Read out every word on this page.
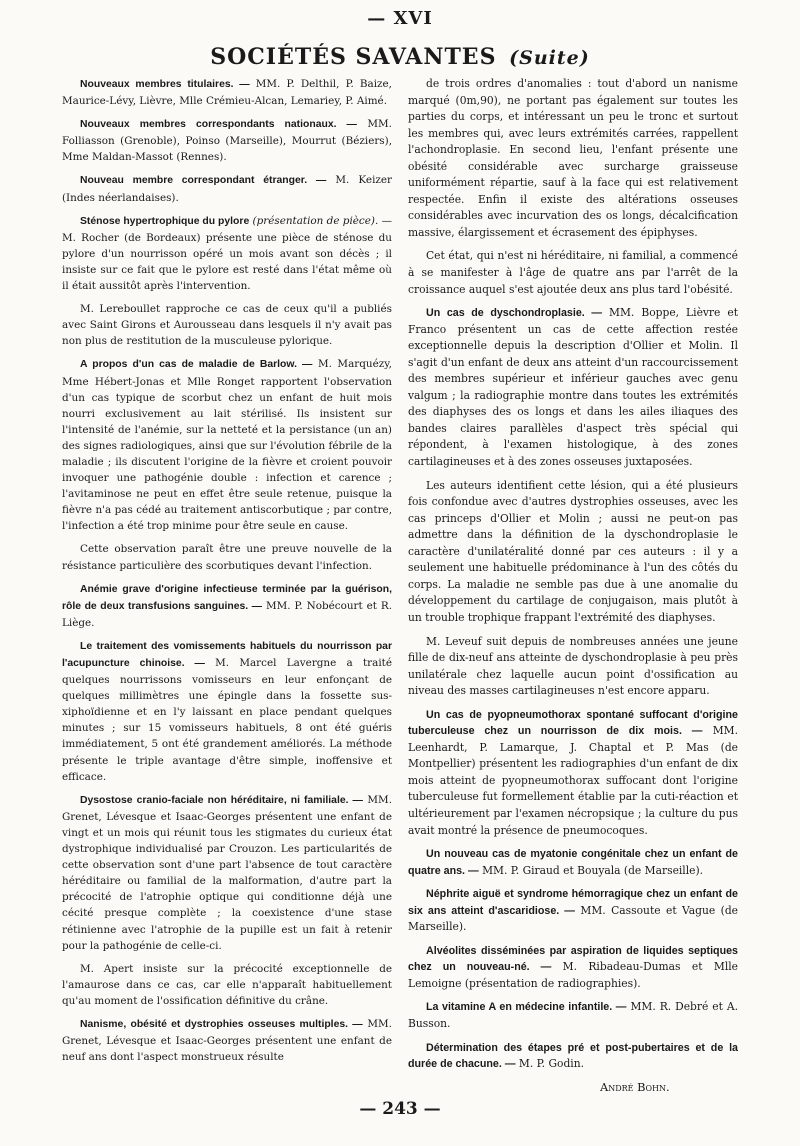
— XVI
SOCIÉTÉS SAVANTES (Suite)

Nouveaux membres titulaires. — MM. P. Delthil, P. Baize, Maurice-Lévy, Lièvre, Mlle Crémieu-Alcan, Lemariey, P. Aimé.

Nouveaux membres correspondants nationaux. — MM. Folliasson (Grenoble), Poinso (Marseille), Mourrut (Béziers), Mme Maldan-Massot (Rennes).

Nouveau membre correspondant étranger. — M. Keizer (Indes néerlandaises).

Sténose hypertrophique du pylore (présentation de pièce). — M. Rocher (de Bordeaux) présente une pièce de sténose du pylore d'un nourrisson opéré un mois avant son décès ; il insiste sur ce fait que le pylore est resté dans l'état même où il était aussitôt après l'intervention.

M. Lereboullet rapproche ce cas de ceux qu'il a publiés avec Saint Girons et Aurousseau dans lesquels il n'y avait pas non plus de restitution de la musculeuse pylorique.

A propos d'un cas de maladie de Barlow. — M. Marquézy, Mme Hébert-Jonas et Mlle Ronget rapportent l'observation d'un cas typique de scorbut chez un enfant de huit mois nourri exclusivement au lait stérilisé. Ils insistent sur l'intensité de l'anémie, sur la netteté et la persistance (un an) des signes radiologiques, ainsi que sur l'évolution fébrile de la maladie ; ils discutent l'origine de la fièvre et croient pouvoir invoquer une pathogénie double : infection et carence ; l'avitaminose ne peut en effet être seule retenue, puisque la fièvre n'a pas cédé au traitement antiscorbutique ; par contre, l'infection a été trop minime pour être seule en cause.

Cette observation paraît être une preuve nouvelle de la résistance particulière des scorbutiques devant l'infection.

Anémie grave d'origine infectieuse terminée par la guérison, rôle de deux transfusions sanguines. — MM. P. Nobécourt et R. Liège.

Le traitement des vomissements habituels du nourrisson par l'acupuncture chinoise. — M. Marcel Lavergne a traité quelques nourrissons vomisseurs en leur enfonçant de quelques millimètres une épingle dans la fossette sus-xiphoïdienne et en l'y laissant en place pendant quelques minutes ; sur 15 vomisseurs habituels, 8 ont été guéris immédiatement, 5 ont été grandement améliorés. La méthode présente le triple avantage d'être simple, inoffensive et efficace.

Dysostose cranio-faciale non héréditaire, ni familiale. — MM. Grenet, Lévesque et Isaac-Georges présentent une enfant de vingt et un mois qui réunit tous les stigmates du curieux état dystrophique individualisé par Crouzon. Les particularités de cette observation sont d'une part l'absence de tout caractère héréditaire ou familial de la malformation, d'autre part la précocité de l'atrophie optique qui conditionne déjà une cécité presque complète ; la coexistence d'une stase rétinienne avec l'atrophie de la pupille est un fait à retenir pour la pathogénie de celle-ci.

M. Apert insiste sur la précocité exceptionnelle de l'amaurose dans ce cas, car elle n'apparaît habituellement qu'au moment de l'ossification définitive du crâne.

Nanisme, obésité et dystrophies osseuses multiples. — MM. Grenet, Lévesque et Isaac-Georges présentent une enfant de neuf ans dont l'aspect monstrueux résulte

de trois ordres d'anomalies : tout d'abord un nanisme marqué (0m,90), ne portant pas également sur toutes les parties du corps, et intéressant un peu le tronc et surtout les membres qui, avec leurs extrémités carrées, rappellent l'achondroplasie. En second lieu, l'enfant présente une obésité considérable avec surcharge graisseuse uniformément répartie, sauf à la face qui est relativement respectée. Enfin il existe des altérations osseuses considérables avec incurvation des os longs, décalcification massive, élargissement et écrasement des épiphyses.

Cet état, qui n'est ni héréditaire, ni familial, a commencé à se manifester à l'âge de quatre ans par l'arrêt de la croissance auquel s'est ajoutée deux ans plus tard l'obésité.

Un cas de dyschondroplasie. — MM. Boppe, Lièvre et Franco présentent un cas de cette affection restée exceptionnelle depuis la description d'Ollier et Molin. Il s'agit d'un enfant de deux ans atteint d'un raccourcissement des membres supérieur et inférieur gauches avec genu valgum ; la radiographie montre dans toutes les extrémités des diaphyses des os longs et dans les ailes iliaques des bandes claires parallèles d'aspect très spécial qui répondent, à l'examen histologique, à des zones cartilagineuses et à des zones osseuses juxtaposées.

Les auteurs identifient cette lésion, qui a été plusieurs fois confondue avec d'autres dystrophies osseuses, avec les cas princeps d'Ollier et Molin ; aussi ne peut-on pas admettre dans la définition de la dyschondroplasie le caractère d'unilatéralité donné par ces auteurs : il y a seulement une habituelle prédominance à l'un des côtés du corps. La maladie ne semble pas due à une anomalie du développement du cartilage de conjugaison, mais plutôt à un trouble trophique frappant l'extrémité des diaphyses.

M. Leveuf suit depuis de nombreuses années une jeune fille de dix-neuf ans atteinte de dyschondroplasie à peu près unilatérale chez laquelle aucun point d'ossification au niveau des masses cartilagineuses n'est encore apparu.

Un cas de pyopneumothorax spontané suffocant d'origine tuberculeuse chez un nourrisson de dix mois. — MM. Leenhardt, P. Lamarque, J. Chaptal et P. Mas (de Montpellier) présentent les radiographies d'un enfant de dix mois atteint de pyopneumothorax suffocant dont l'origine tuberculeuse fut formellement établie par la cuti-réaction et ultérieurement par l'examen nécropsique ; la culture du pus avait montré la présence de pneumocoques.

Un nouveau cas de myatonie congénitale chez un enfant de quatre ans. — MM. P. Giraud et Bouyala (de Marseille).

Néphrite aiguë et syndrome hémorragique chez un enfant de six ans atteint d'ascaridiose. — MM. Cassoute et Vague (de Marseille).

Alvéolites disséminées par aspiration de liquides septiques chez un nouveau-né. — M. Ribadeau-Dumas et Mlle Lemoigne (présentation de radiographies).

La vitamine A en médecine infantile. — MM. R. Debré et A. Busson.

Détermination des étapes pré et post-pubertaires et de la durée de chacune. — M. P. Godin.

André Bohn.
— 243 —
